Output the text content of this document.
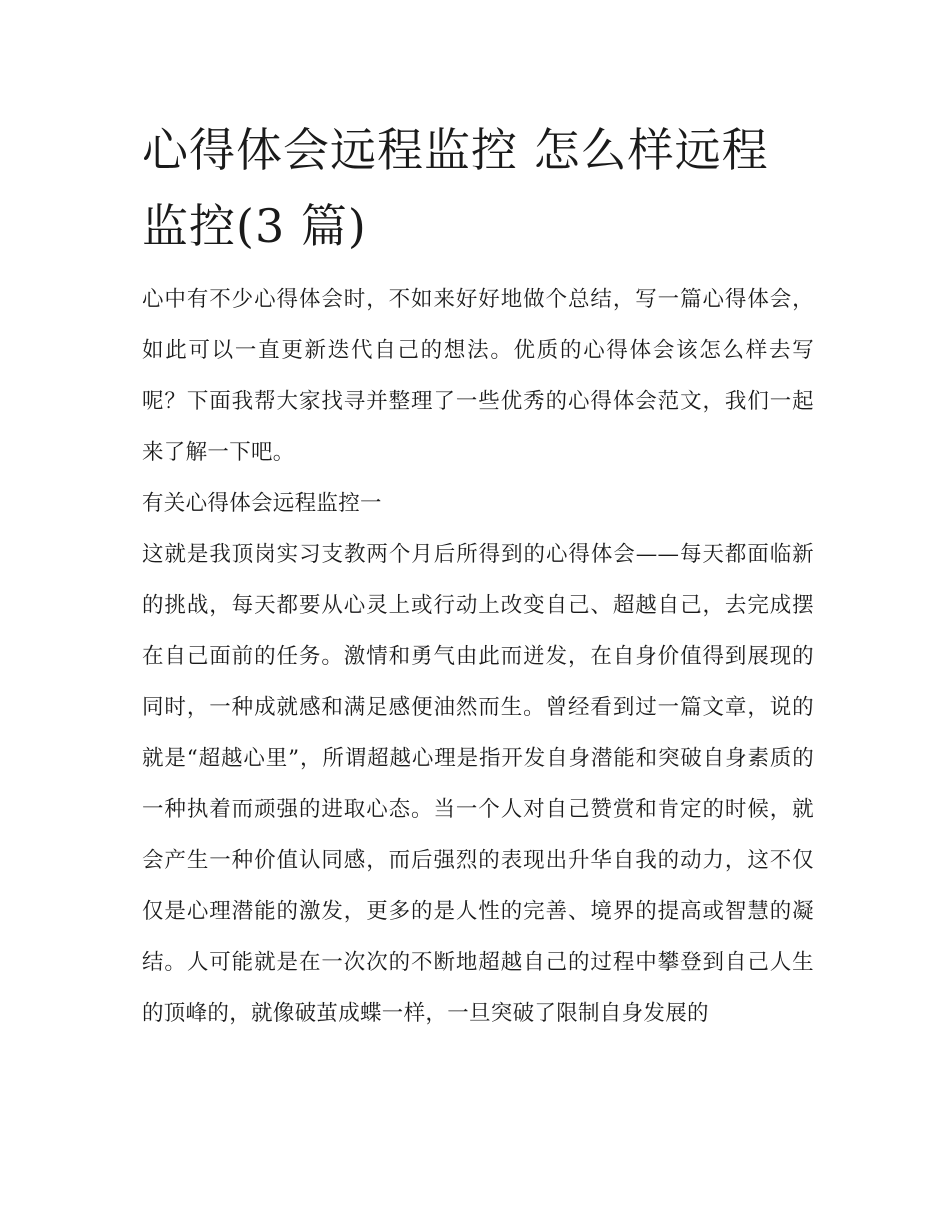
心得体会远程监控 怎么样远程
监控(3 篇)

心中有不少心得体会时，不如来好好地做个总结，写一篇心得体会，如此可以一直更新迭代自己的想法。优质的心得体会该怎么样去写呢？下面我帮大家找寻并整理了一些优秀的心得体会范文，我们一起来了解一下吧。

有关心得体会远程监控一

这就是我顶岗实习支教两个月后所得到的心得体会——每天都面临新的挑战，每天都要从心灵上或行动上改变自己、超越自己，去完成摆在自己面前的任务。激情和勇气由此而迸发，在自身价值得到展现的同时，一种成就感和满足感便油然而生。曾经看到过一篇文章，说的就是“超越心里”，所谓超越心理是指开发自身潜能和突破自身素质的一种执着而顽强的进取心态。当一个人对自己赞赏和肯定的时候，就会产生一种价值认同感，而后强烈的表现出升华自我的动力，这不仅仅是心理潜能的激发，更多的是人性的完善、境界的提高或智慧的凝结。人可能就是在一次次的不断地超越自己的过程中攀登到自己人生的顶峰的，就像破茧成蝶一样，一旦突破了限制自身发展的
